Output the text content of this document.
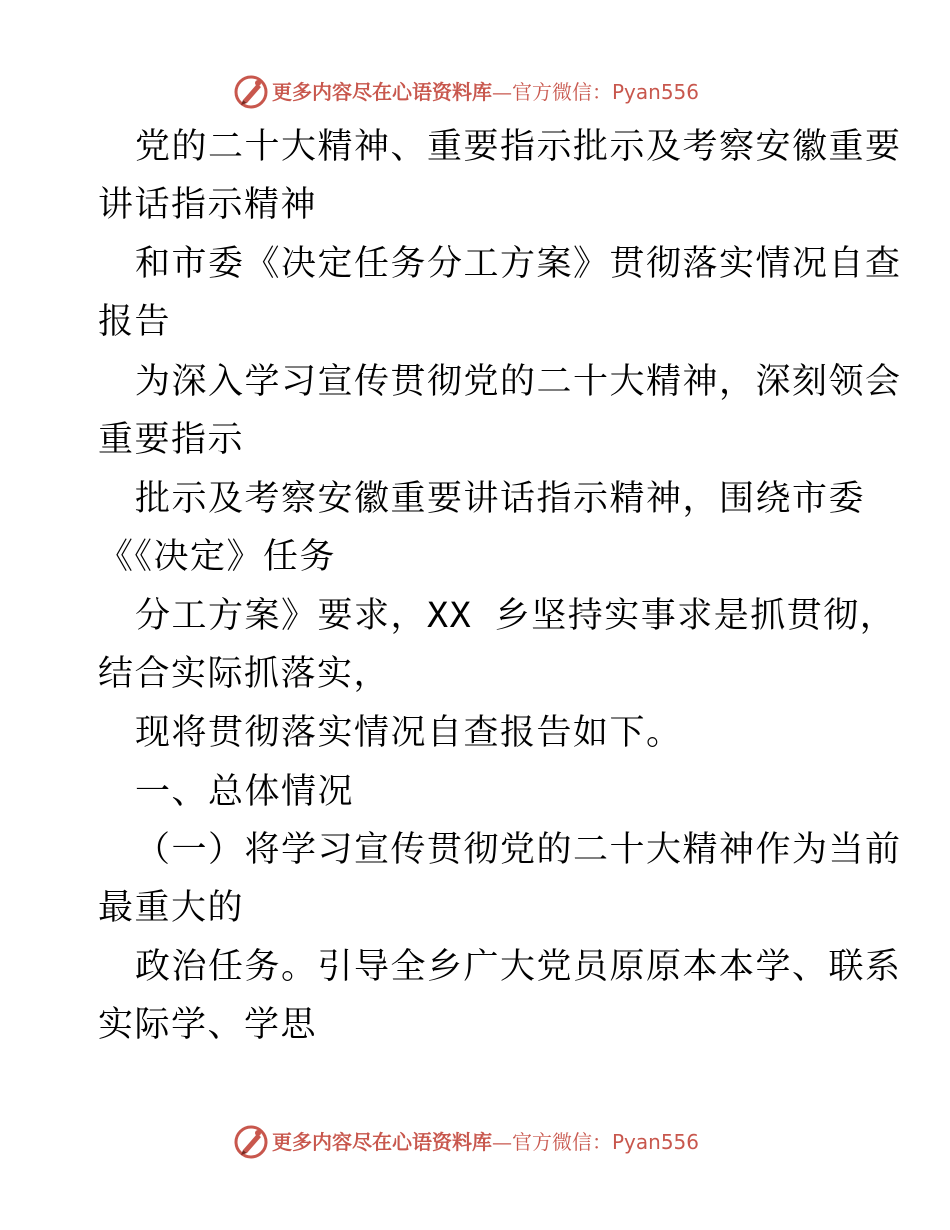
更多内容尽在心语资料库—官方微信：Pyan556
党的二十大精神、重要指示批示及考察安徽重要
讲话指示精神
和市委《决定任务分工方案》贯彻落实情况自查
报告
为深入学习宣传贯彻党的二十大精神，深刻领会
重要指示
批示及考察安徽重要讲话指示精神，围绕市委
《《决定》任务
分工方案》要求，XX 乡坚持实事求是抓贯彻，
结合实际抓落实，
现将贯彻落实情况自查报告如下。
一、总体情况
（一）将学习宣传贯彻党的二十大精神作为当前
最重大的
政治任务。引导全乡广大党员原原本本学、联系
实际学、学思
更多内容尽在心语资料库—官方微信：Pyan556
